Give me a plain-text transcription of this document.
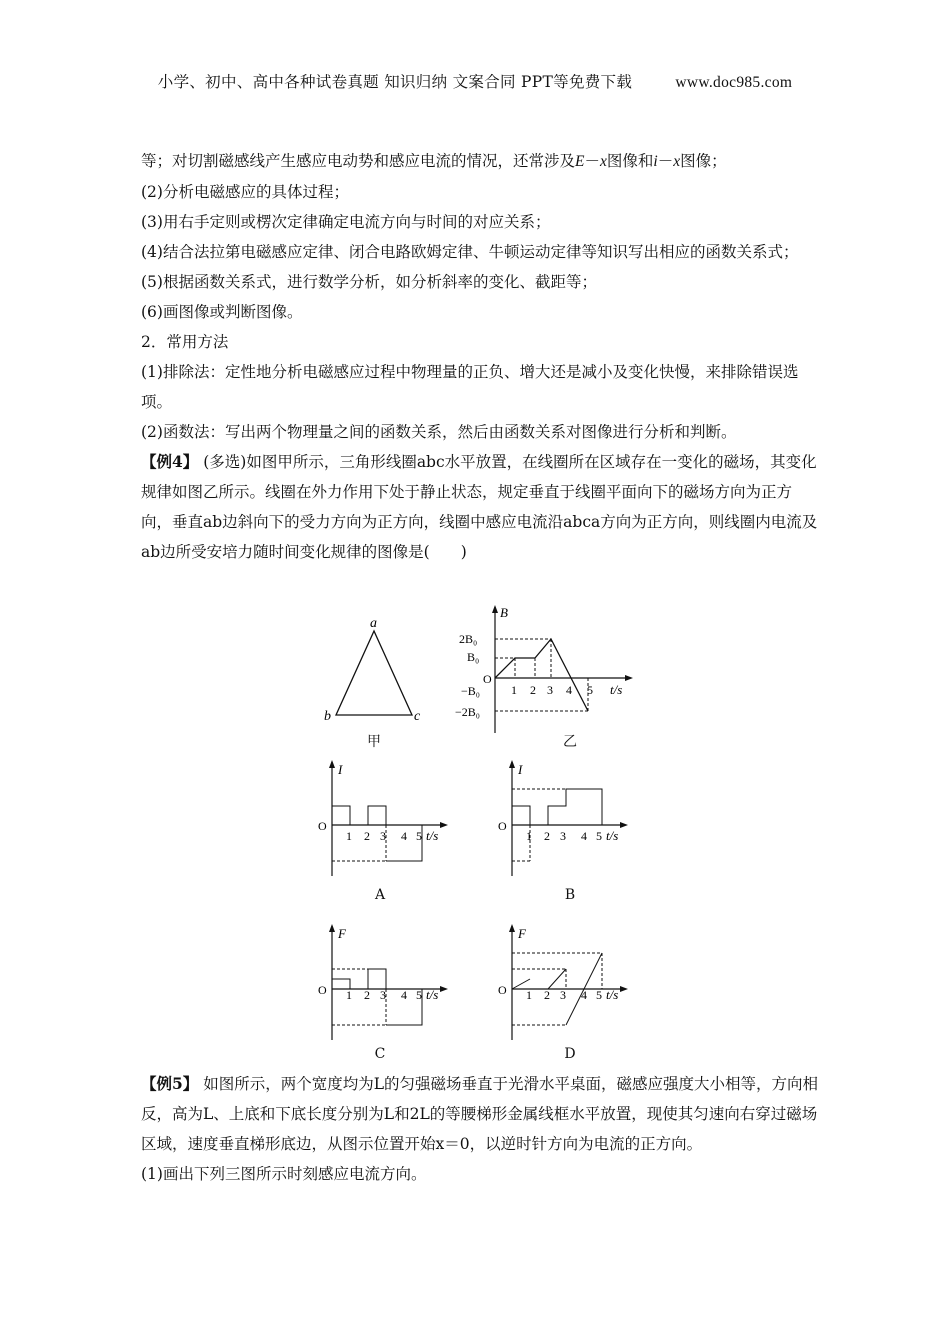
小学、初中、高中各种试卷真题 知识归纳 文案合同 PPT等免费下载	www.doc985.com

等；对切割磁感线产生感应电动势和感应电流的情况，还常涉及E－x图像和i－x图像；

(2)分析电磁感应的具体过程；

(3)用右手定则或楞次定律确定电流方向与时间的对应关系；

(4)结合法拉第电磁感应定律、闭合电路欧姆定律、牛顿运动定律等知识写出相应的函数关系式；

(5)根据函数关系式，进行数学分析，如分析斜率的变化、截距等；

(6)画图像或判断图像。

2．常用方法

(1)排除法：定性地分析电磁感应过程中物理量的正负、增大还是减小及变化快慢，来排除错误选项。

(2)函数法：写出两个物理量之间的函数关系，然后由函数关系对图像进行分析和判断。

【例4】 (多选)如图甲所示，三角形线圈abc水平放置，在线圈所在区域存在一变化的磁场，其变化规律如图乙所示。线圈在外力作用下处于静止状态，规定垂直于线圈平面向下的磁场方向为正方向，垂直ab边斜向下的受力方向为正方向，线圈中感应电流沿abca方向为正方向，则线圈内电流及ab边所受安培力随时间变化规律的图像是(　　)

a
b	c
甲
B
O
2B₀
B₀
−B₀
−2B₀
1 2 3 4 5 t/s
乙
I
O
1 2 3 4 5 t/s
A
I
O
1 2 3 4 5 t/s
B
F
O 1 2 3 4 5 t/s
C
F
O 1 2 3 4 5 t/s
D

【例5】 如图所示，两个宽度均为L的匀强磁场垂直于光滑水平桌面，磁感应强度大小相等，方向相反，高为L、上底和下底长度分别为L和2L的等腰梯形金属线框水平放置，现使其匀速向右穿过磁场区域，速度垂直梯形底边，从图示位置开始x＝0，以逆时针方向为电流的正方向。

(1)画出下列三图所示时刻感应电流方向。
